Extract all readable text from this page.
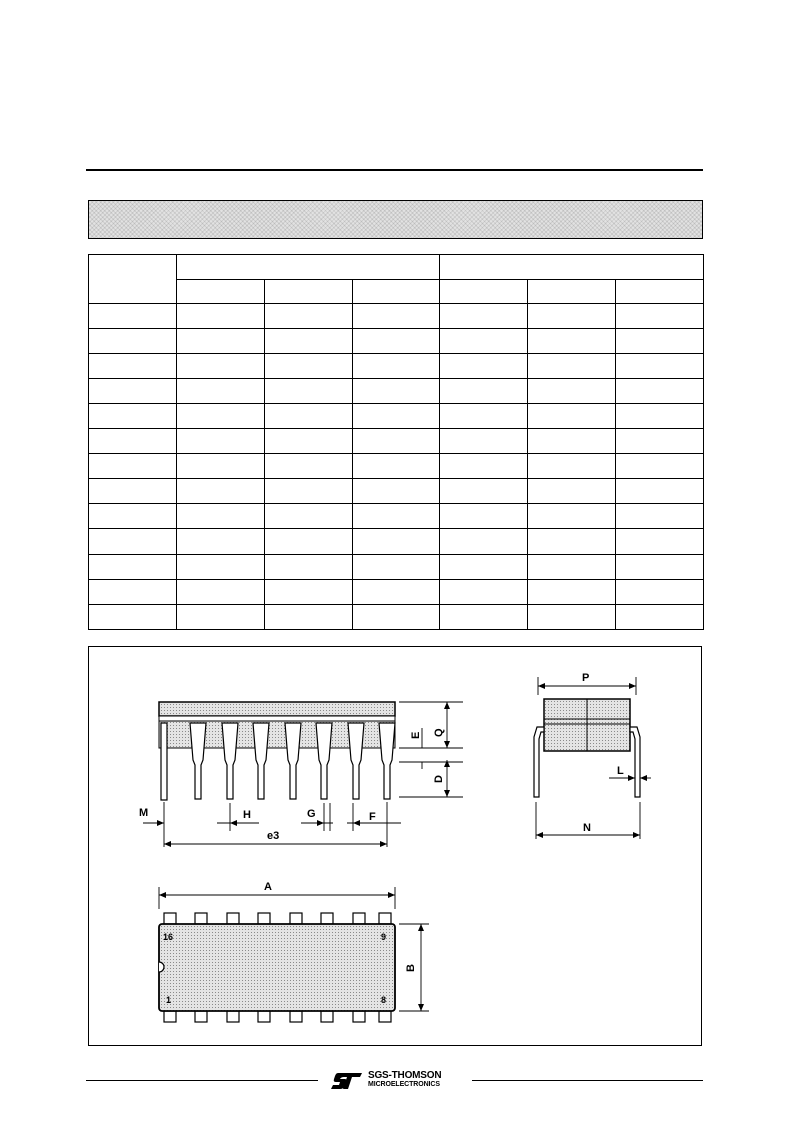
M	H	G	F
e3
E Q
D
P
L
N
A
B
16	9
1	8
SGS-THOMSON
MICROELECTRONICS
